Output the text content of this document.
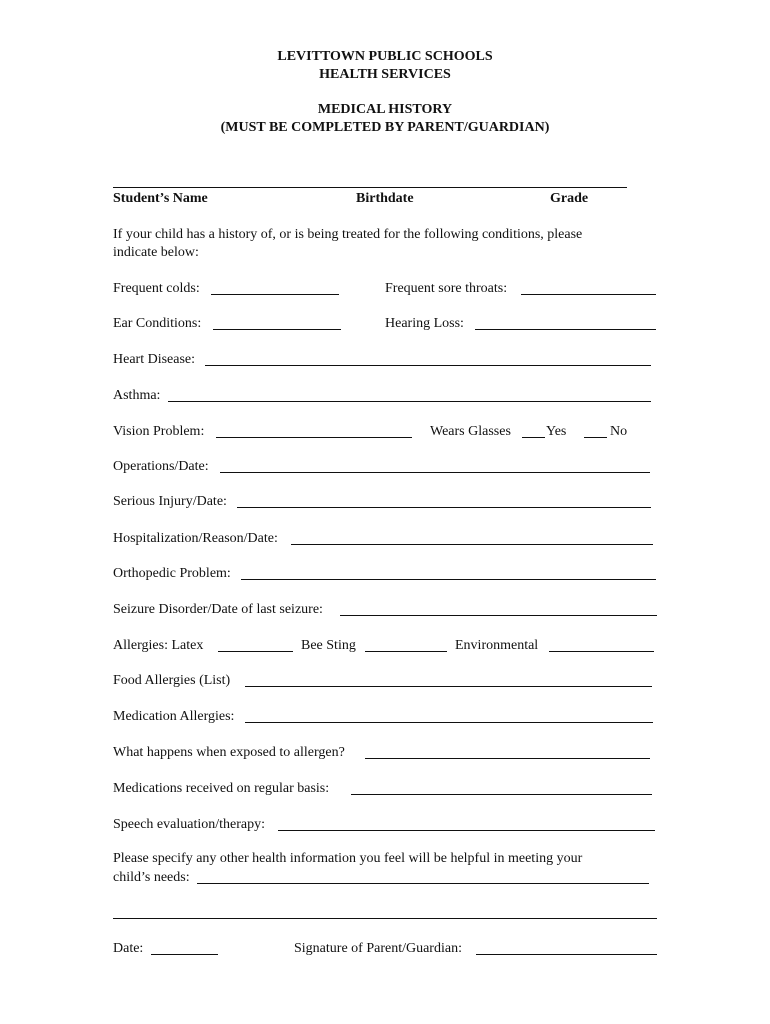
LEVITTOWN PUBLIC SCHOOLS
HEALTH SERVICES
MEDICAL HISTORY
(MUST BE COMPLETED BY PARENT/GUARDIAN)
Student’s Name	Birthdate	Grade
If your child has a history of, or is being treated for the following conditions, please
indicate below:
Frequent colds:	Frequent sore throats:
Ear Conditions:	Hearing Loss:
Heart Disease:
Asthma:
Vision Problem:	Wears Glasses	Yes	No
Operations/Date:
Serious Injury/Date:
Hospitalization/Reason/Date:
Orthopedic Problem:
Seizure Disorder/Date of last seizure:
Allergies: Latex	Bee Sting	Environmental
Food Allergies (List)
Medication Allergies:
What happens when exposed to allergen?
Medications received on regular basis:
Speech evaluation/therapy:
Please specify any other health information you feel will be helpful in meeting your
child’s needs:
Date:	Signature of Parent/Guardian:
